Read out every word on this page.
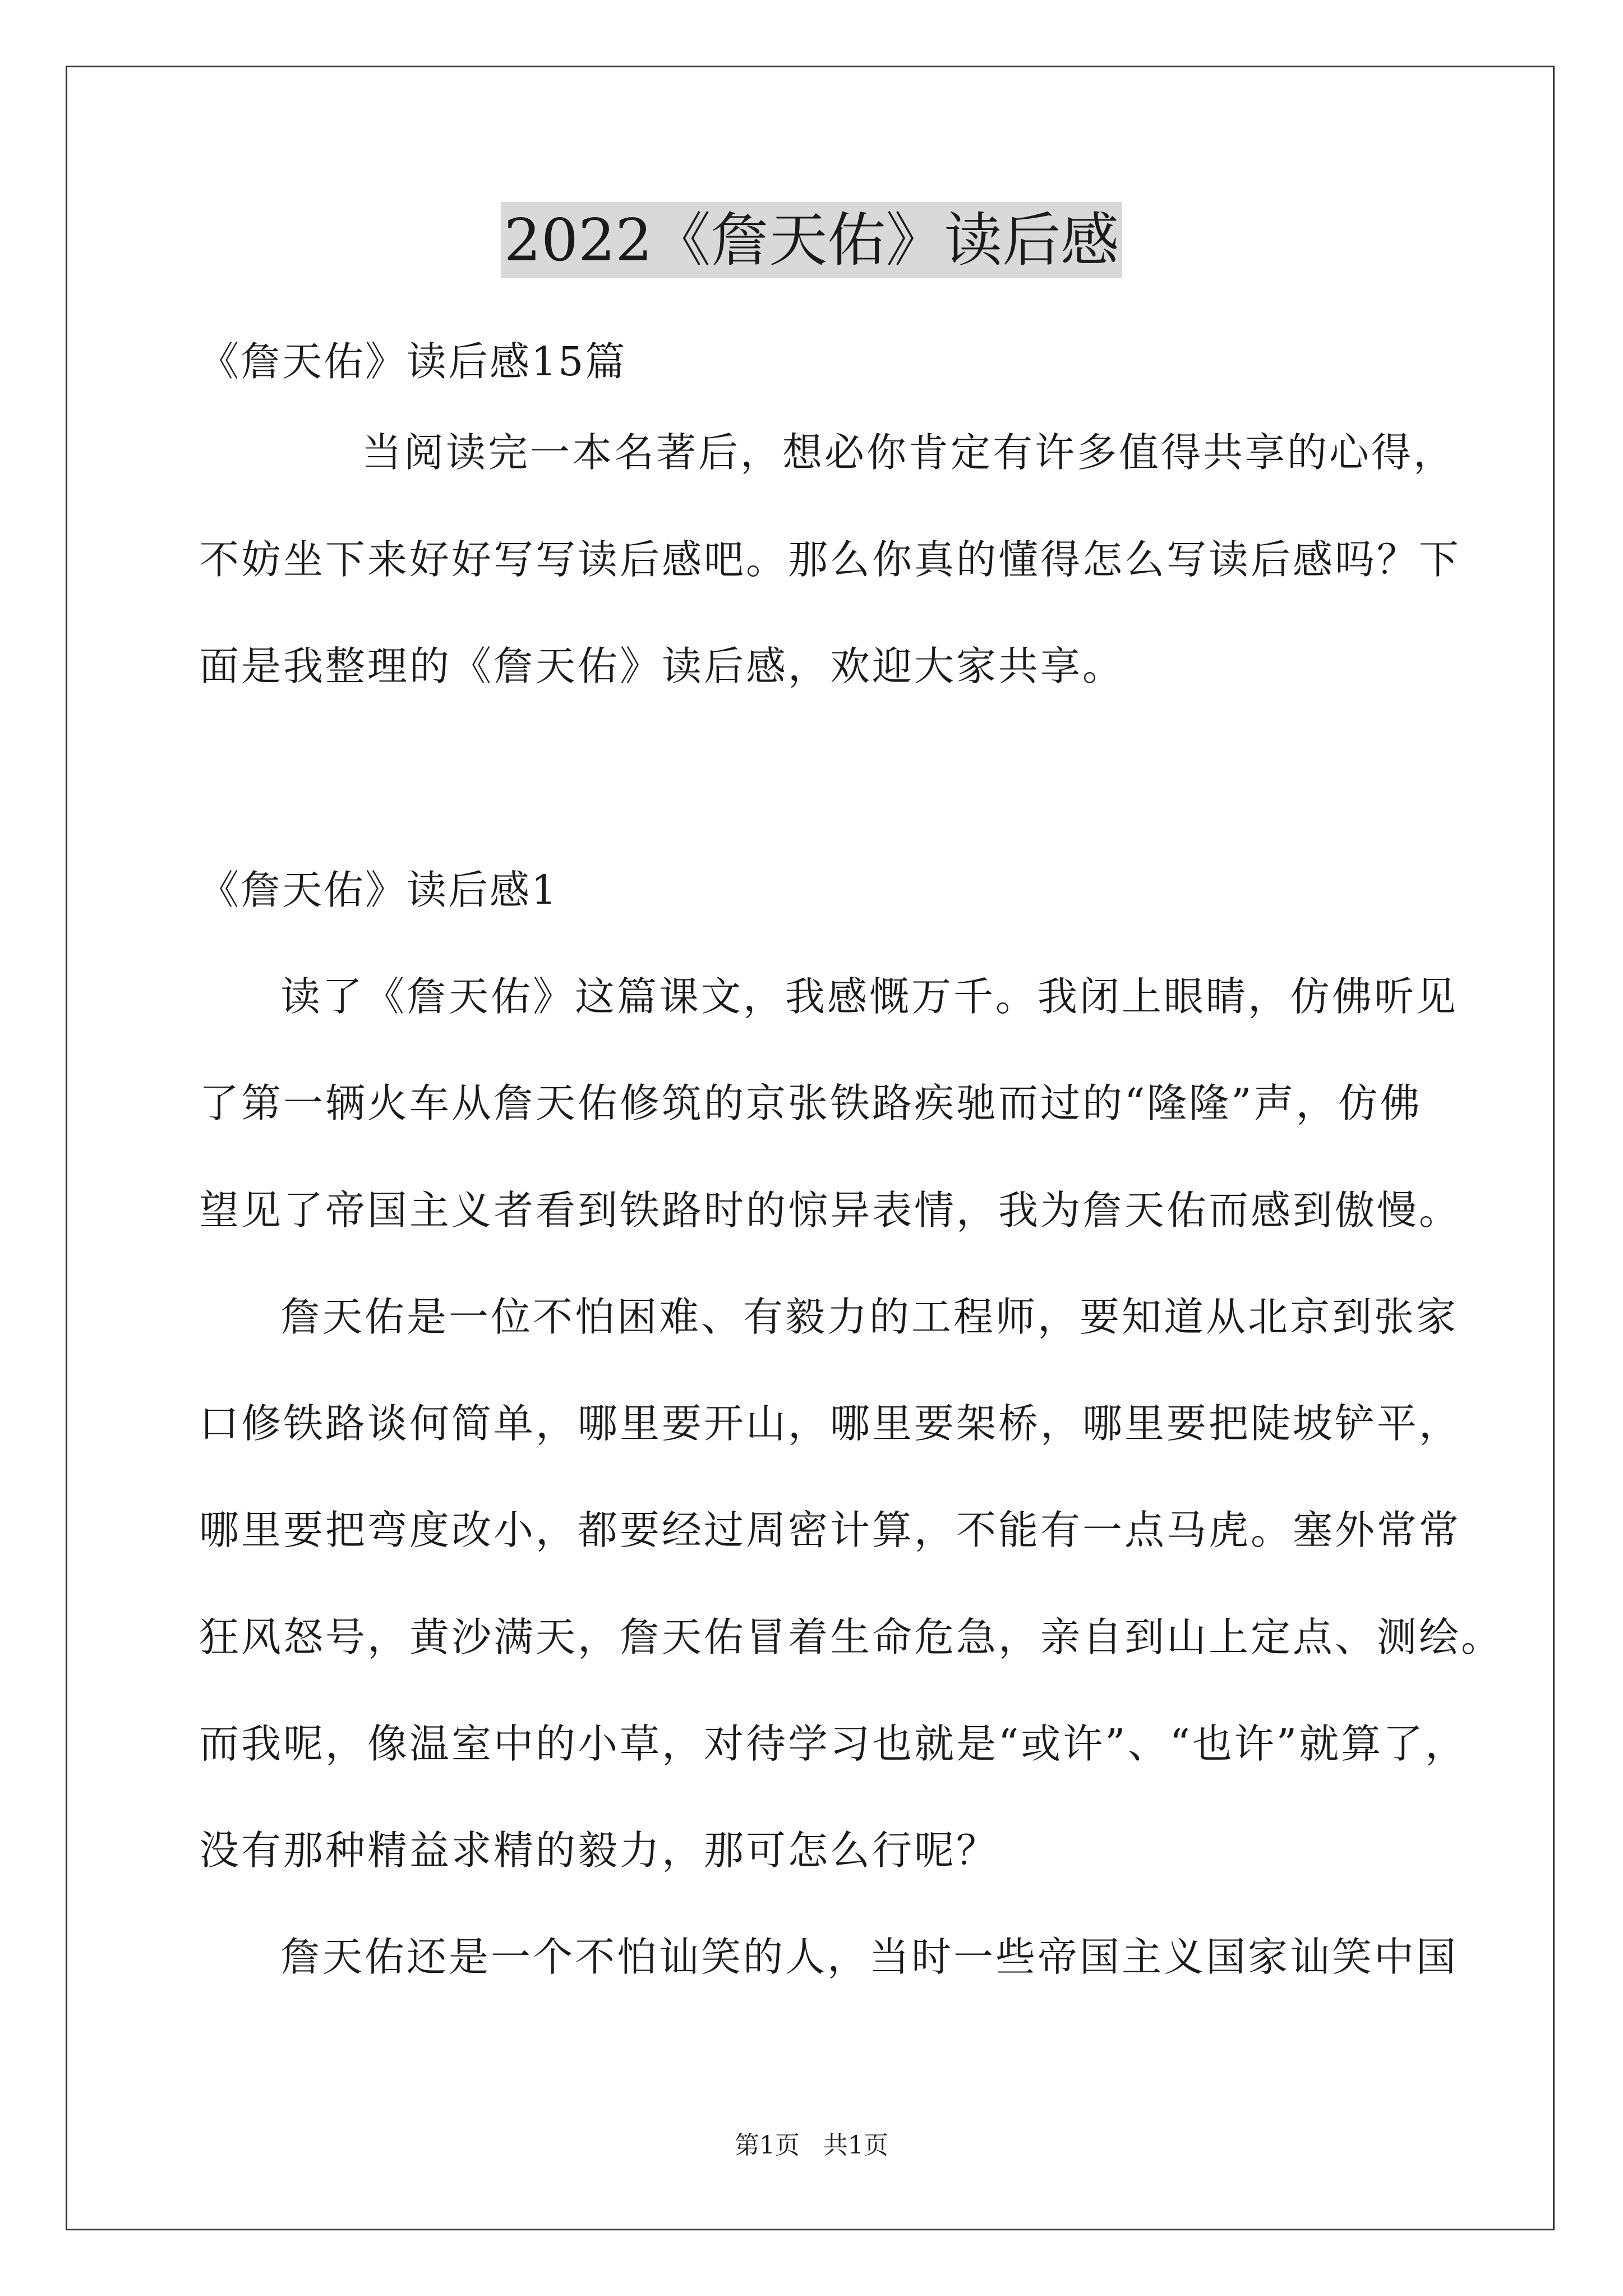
2022《詹天佑》读后感
《詹天佑》读后感15篇
当阅读完一本名著后，想必你肯定有许多值得共享的心得，
不妨坐下来好好写写读后感吧。那么你真的懂得怎么写读后感吗？下
面是我整理的《詹天佑》读后感，欢迎大家共享。
《詹天佑》读后感1
读了《詹天佑》这篇课文，我感慨万千。我闭上眼睛，仿佛听见
了第一辆火车从詹天佑修筑的京张铁路疾驰而过的“隆隆”声，仿佛
望见了帝国主义者看到铁路时的惊异表情，我为詹天佑而感到傲慢。
詹天佑是一位不怕困难、有毅力的工程师，要知道从北京到张家
口修铁路谈何简单，哪里要开山，哪里要架桥，哪里要把陡坡铲平，
哪里要把弯度改小，都要经过周密计算，不能有一点马虎。塞外常常
狂风怒号，黄沙满天，詹天佑冒着生命危急，亲自到山上定点、测绘。
而我呢，像温室中的小草，对待学习也就是“或许”、“也许”就算了，
没有那种精益求精的毅力，那可怎么行呢？
詹天佑还是一个不怕讪笑的人，当时一些帝国主义国家讪笑中国
第1页 共1页
